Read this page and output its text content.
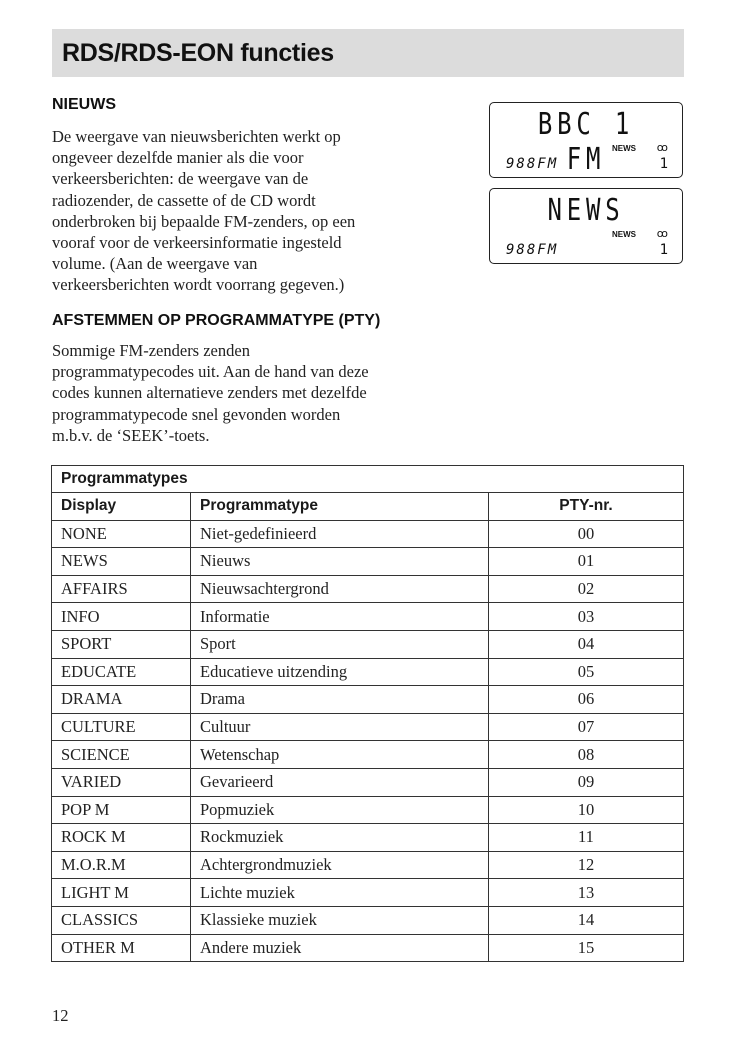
RDS/RDS-EON functies
NIEUWS

De weergave van nieuwsberichten werkt op
ongeveer dezelfde manier als die voor
verkeersberichten: de weergave van de
radiozender, de cassette of de CD wordt
onderbroken bij bepaalde FM-zenders, op een
vooraf voor de verkeersinformatie ingesteld
volume. (Aan de weergave van
verkeersberichten wordt voorrang gegeven.)

BBC 1 FM NEWS ꝏ
988FM	1
NEWS
NEWS ꝏ
988FM	1
AFSTEMMEN OP PROGRAMMATYPE (PTY)

Sommige FM-zenders zenden
programmatypecodes uit. Aan de hand van deze
codes kunnen alternatieve zenders met dezelfde
programmatypecode snel gevonden worden
m.b.v. de ‘SEEK’-toets.

Programmatypes		
Display	Programmatype	PTY-nr.
NONE	Niet-gedefinieerd	00
NEWS	Nieuws	01
AFFAIRS	Nieuwsachtergrond	02
INFO	Informatie	03
SPORT	Sport	04
EDUCATE	Educatieve uitzending	05
DRAMA	Drama	06
CULTURE	Cultuur	07
SCIENCE	Wetenschap	08
VARIED	Gevarieerd	09
POP M	Popmuziek	10
ROCK M	Rockmuziek	11
M.O.R.M	Achtergrondmuziek	12
LIGHT M	Lichte muziek	13
CLASSICS	Klassieke muziek	14
OTHER M	Andere muziek	15
12
